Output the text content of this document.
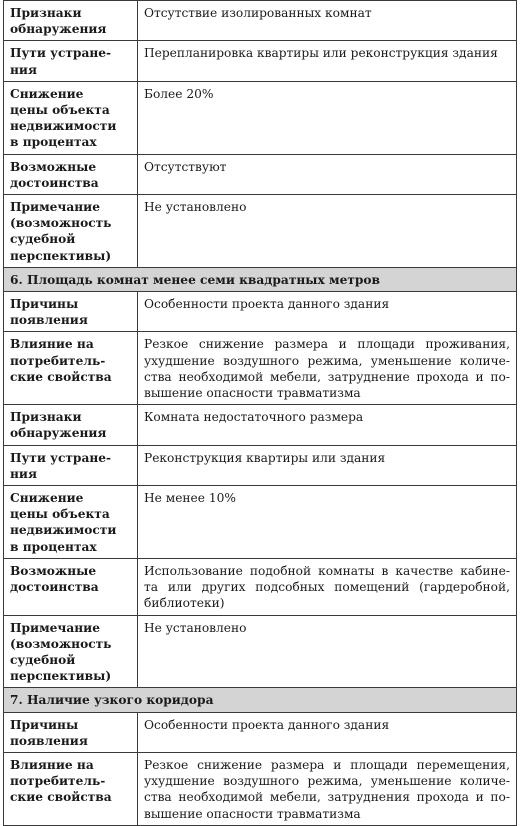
Признаки
обнаружения	Отсутствие изолированных комнат

Пути устране-
ния	Перепланировка квартиры или реконструкция здания

Снижение
цены объекта
недвижимости
в процентах	Более 20%

Возможные
достоинства	Отсутствуют

Примечание
(возможность
судебной
перспективы)	Не установлено

6. Площадь комнат менее семи квадратных метров	

Причины
появления	Особенности проекта данного здания

Влияние на
потребитель-
ские свойства	Резкое снижение размера и площади проживания,
ухудшение воздушного режима, уменьшение количе-
ства необходимой мебели, затруднение прохода и по-
вышение опасности травматизма

Признаки
обнаружения	Комната недостаточного размера

Пути устране-
ния	Реконструкция квартиры или здания

Снижение
цены объекта
недвижимости
в процентах	Не менее 10%

Возможные
достоинства	Использование подобной комнаты в качестве кабине-
та или других подсобных помещений (гардеробной,
библиотеки)

Примечание
(возможность
судебной
перспективы)	Не установлено

7. Наличие узкого коридора	

Причины
появления	Особенности проекта данного здания

Влияние на
потребитель-
ские свойства	Резкое снижение размера и площади перемещения,
ухудшение воздушного режима, уменьшение количе-
ства необходимой мебели, затруднения прохода и по-
вышение опасности травматизма
